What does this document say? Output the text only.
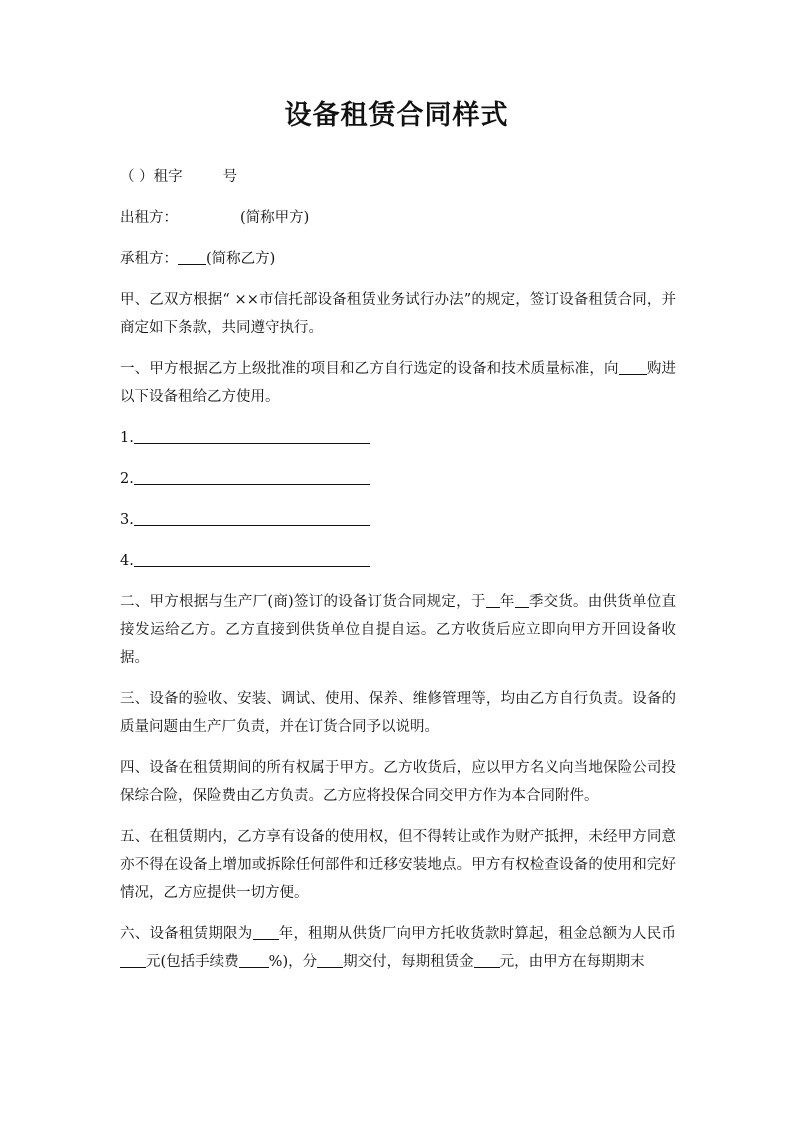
设备租赁合同样式

（ ）租字	号

出租方：	(简称甲方)

承租方： (简称乙方)

甲、乙双方根据“ ××市信托部设备租赁业务试行办法”的规定，签订设备租赁合同，并商定如下条款，共同遵守执行。

一、甲方根据乙方上级批准的项目和乙方自行选定的设备和技术质量标准，向 购进以下设备租给乙方使用。

1.

2.

3.

4.

二、甲方根据与生产厂(商)签订的设备订货合同规定，于 年 季交货。由供货单位直接发运给乙方。乙方直接到供货单位自提自运。乙方收货后应立即向甲方开回设备收据。

三、设备的验收、安装、调试、使用、保养、维修管理等，均由乙方自行负责。设备的质量问题由生产厂负责，并在订货合同予以说明。

四、设备在租赁期间的所有权属于甲方。乙方收货后，应以甲方名义向当地保险公司投保综合险，保险费由乙方负责。乙方应将投保合同交甲方作为本合同附件。

五、在租赁期内，乙方享有设备的使用权，但不得转让或作为财产抵押，未经甲方同意亦不得在设备上增加或拆除任何部件和迁移安装地点。甲方有权检查设备的使用和完好情况，乙方应提供一切方便。

六、设备租赁期限为 年，租期从供货厂向甲方托收货款时算起，租金总额为人民币元(包括手续费 %)，分 期交付，每期租赁金 元，由甲方在每期期末
